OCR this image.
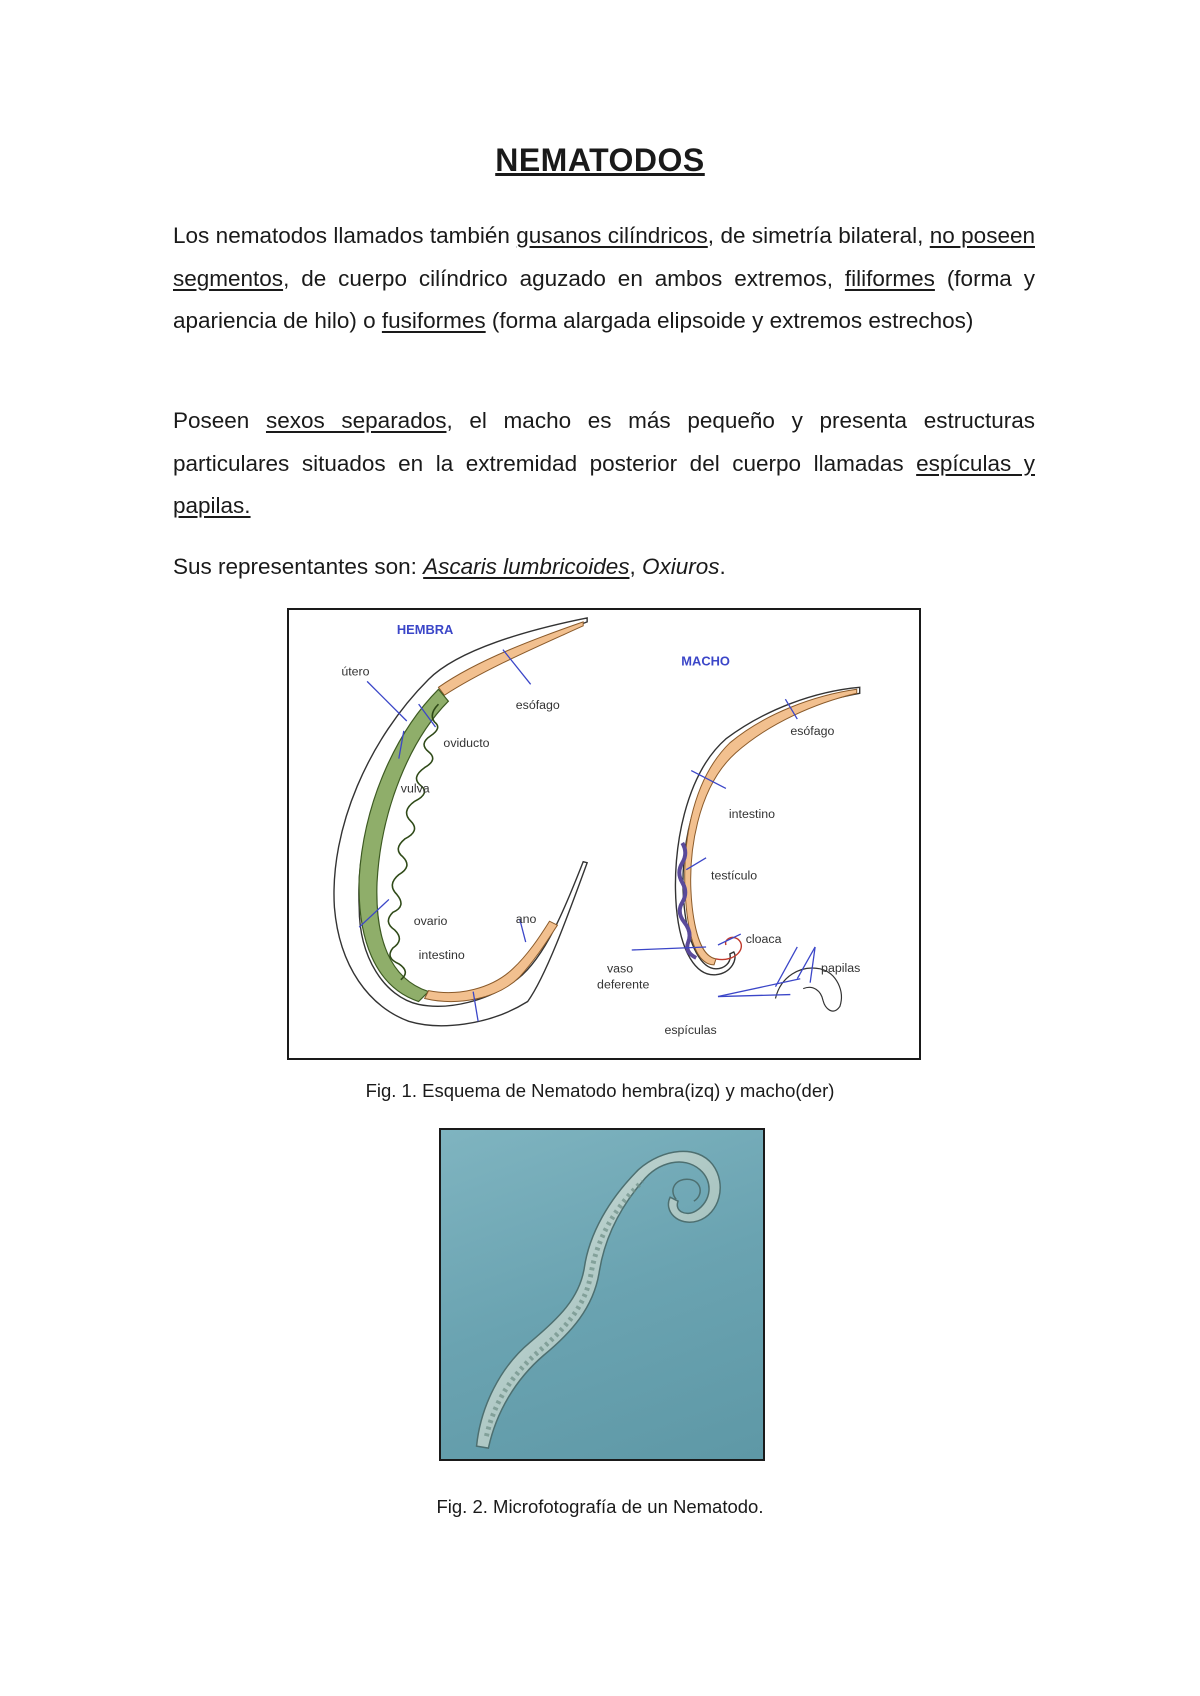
NEMATODOS

Los nematodos llamados también gusanos cilíndricos, de simetría bilateral, no poseen segmentos, de cuerpo cilíndrico aguzado en ambos extremos, filiformes (forma y apariencia de hilo) o fusiformes (forma alargada elipsoide y extremos estrechos)

Poseen sexos separados, el macho es más pequeño y presenta estructuras particulares situados en la extremidad posterior del cuerpo llamadas espículas y papilas.

Sus representantes son: Ascaris lumbricoides, Oxiuros.

HEMBRA
útero
esófago
oviducto
vulva
ovario	ano
intestino
MACHO
esófago
intestino
testículo
cloaca
papilas
vaso
deferente
espículas

Fig. 1. Esquema de Nematodo hembra(izq) y macho(der)

Fig. 2. Microfotografía de un Nematodo.
